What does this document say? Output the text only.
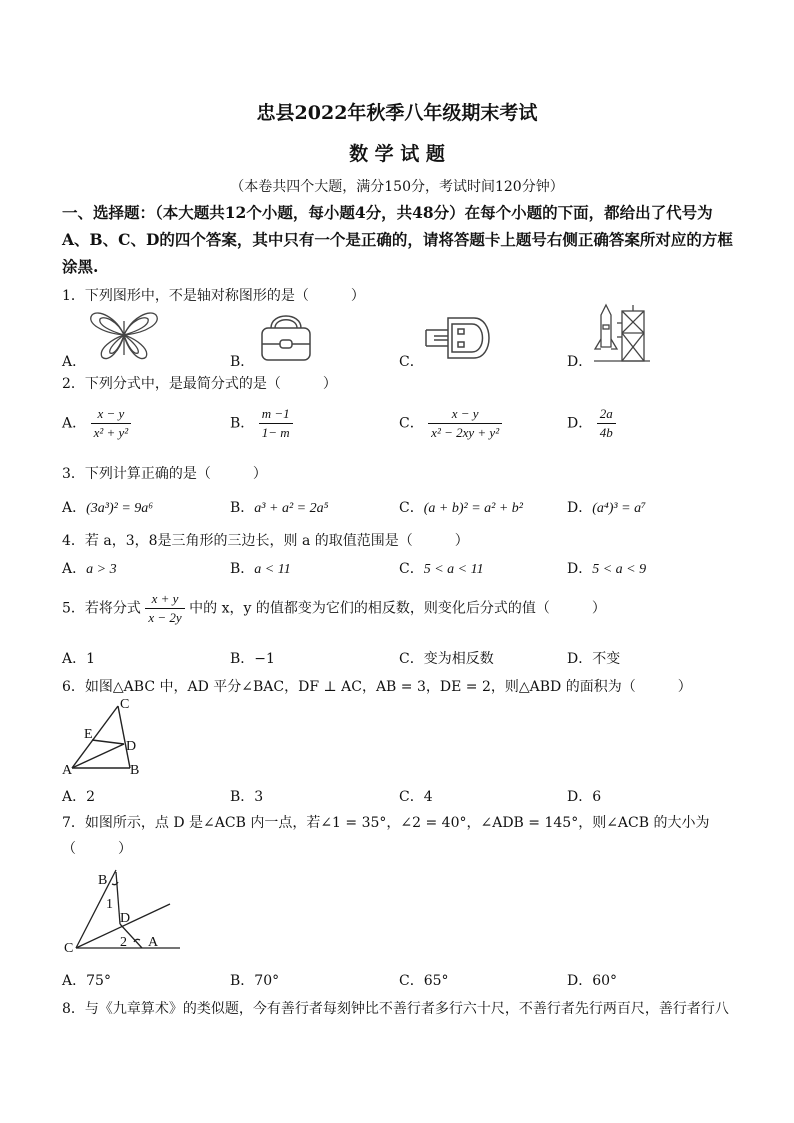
忠县2022年秋季八年级期末考试
数 学 试 题
（本卷共四个大题，满分150分，考试时间120分钟）
一、选择题：（本大题共12个小题，每小题4分，共48分）在每个小题的下面，都给出了代号为A、B、C、D的四个答案，其中只有一个是正确的，请将答题卡上题号右侧正确答案所对应的方框涂黑.
1．下列图形中，不是轴对称图形的是（　　　）
A．	B．	C．	D．
2．下列分式中，是最简分式的是（　　　）
A． $\frac{x - y}{\text{x² + y²}}$	B． $\frac{m -1}{1- m}$	C． $\frac{x - y}{\text{x² − 2xy + y²}}$	D． $\frac{2a}{4b}$
3．下列计算正确的是（　　　）
A．(3a³)² = 9a⁶	B．a³ + a² = 2a⁵	C．(a + b)² = a² + b²	D．(a⁴)³ = a⁷
4．若 a，3，8是三角形的三边长，则 a 的取值范围是（　　　）
A．a > 3	B．a < 11	C．5 < a < 11	D．5 < a < 9
5．若将分式 $\frac{x + y}{x - 2y}$ 中的 x，y 的值都变为它们的相反数，则变化后分式的值（　　　）
A．1	B．−1	C．变为相反数	D．不变
6．如图△ABC 中，AD 平分∠BAC，DF ⊥ AC，AB = 3，DE = 2，则△ABD 的面积为（　　　）
C
E
D
A	B
A．2	B．3	C．4	D．6
7．如图所示，点 D 是∠ACB 内一点，若∠1 = 35°，∠2 = 40°，∠ADB = 145°，则∠ACB 的大小为
（　　　）
B
1
D
C	2 A
A．75°	B．70°	C．65°	D．60°
8．与《九章算术》的类似题，今有善行者每刻钟比不善行者多行六十尺，不善行者先行两百尺，善行者行八
